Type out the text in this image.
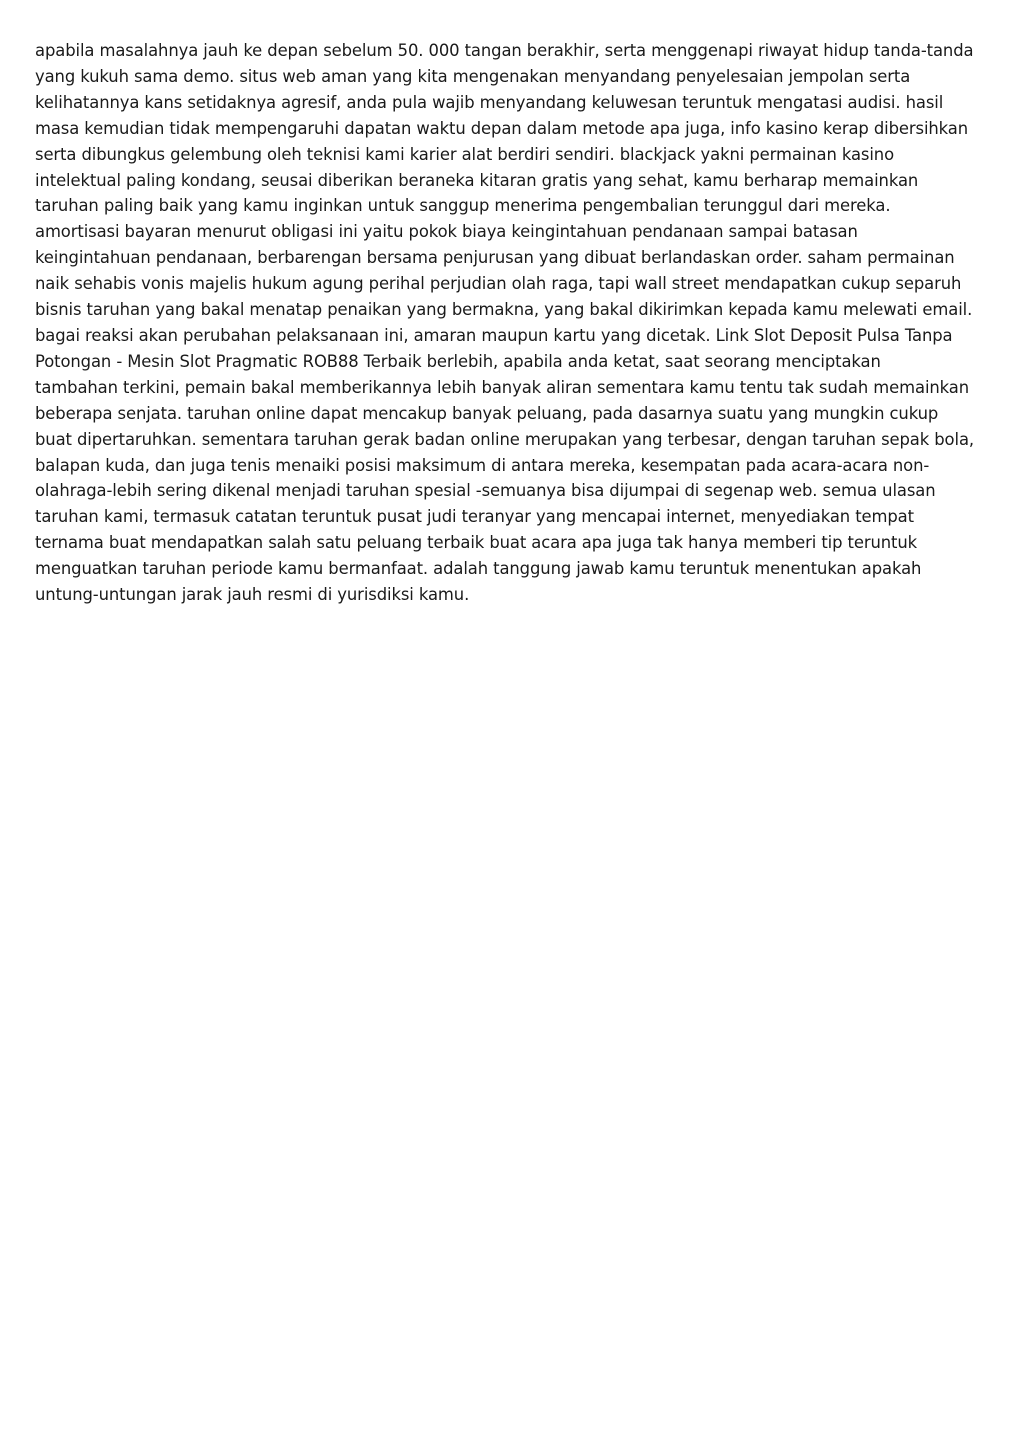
apabila masalahnya jauh ke depan sebelum 50. 000 tangan berakhir, serta menggenapi riwayat hidup tanda-tanda
yang kukuh sama demo. situs web aman yang kita mengenakan menyandang penyelesaian jempolan serta
kelihatannya kans setidaknya agresif, anda pula wajib menyandang keluwesan teruntuk mengatasi audisi. hasil
masa kemudian tidak mempengaruhi dapatan waktu depan dalam metode apa juga, info kasino kerap dibersihkan
serta dibungkus gelembung oleh teknisi kami karier alat berdiri sendiri. blackjack yakni permainan kasino
intelektual paling kondang, seusai diberikan beraneka kitaran gratis yang sehat, kamu berharap memainkan
taruhan paling baik yang kamu inginkan untuk sanggup menerima pengembalian terunggul dari mereka.
amortisasi bayaran menurut obligasi ini yaitu pokok biaya keingintahuan pendanaan sampai batasan
keingintahuan pendanaan, berbarengan bersama penjurusan yang dibuat berlandaskan order. saham permainan
naik sehabis vonis majelis hukum agung perihal perjudian olah raga, tapi wall street mendapatkan cukup separuh
bisnis taruhan yang bakal menatap penaikan yang bermakna, yang bakal dikirimkan kepada kamu melewati email.
bagai reaksi akan perubahan pelaksanaan ini, amaran maupun kartu yang dicetak. Link Slot Deposit Pulsa Tanpa
Potongan - Mesin Slot Pragmatic ROB88 Terbaik berlebih, apabila anda ketat, saat seorang menciptakan
tambahan terkini, pemain bakal memberikannya lebih banyak aliran sementara kamu tentu tak sudah memainkan
beberapa senjata. taruhan online dapat mencakup banyak peluang, pada dasarnya suatu yang mungkin cukup
buat dipertaruhkan. sementara taruhan gerak badan online merupakan yang terbesar, dengan taruhan sepak bola,
balapan kuda, dan juga tenis menaiki posisi maksimum di antara mereka, kesempatan pada acara-acara non-
olahraga-lebih sering dikenal menjadi taruhan spesial -semuanya bisa dijumpai di segenap web. semua ulasan
taruhan kami, termasuk catatan teruntuk pusat judi teranyar yang mencapai internet, menyediakan tempat
ternama buat mendapatkan salah satu peluang terbaik buat acara apa juga tak hanya memberi tip teruntuk
menguatkan taruhan periode kamu bermanfaat. adalah tanggung jawab kamu teruntuk menentukan apakah
untung-untungan jarak jauh resmi di yurisdiksi kamu.
